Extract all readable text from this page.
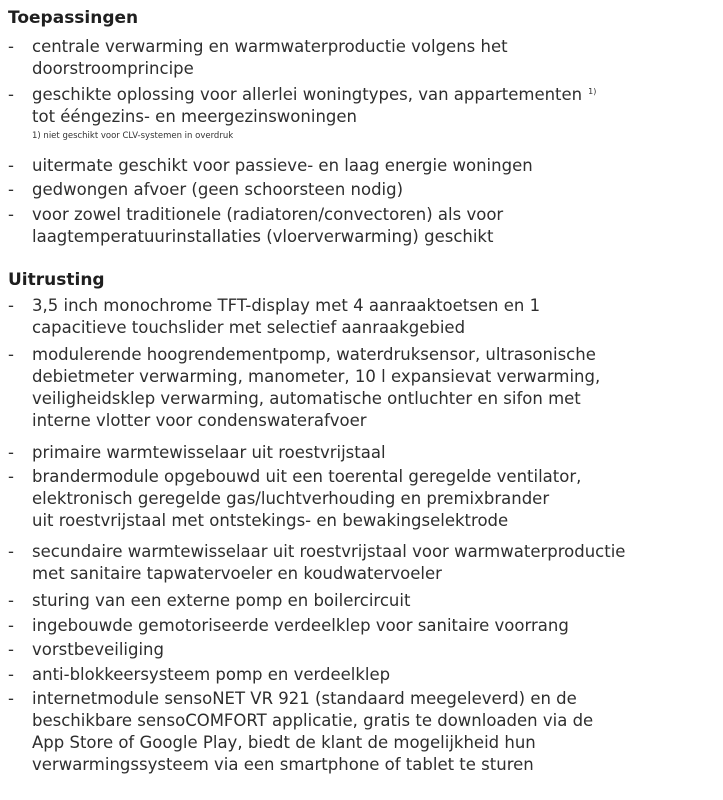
Toepassingen
- centrale verwarming en warmwaterproductie volgens het
doorstroomprincipe
- geschikte oplossing voor allerlei woningtypes, van appartementen $^{1)}$
tot ééngezins- en meergezinswoningen
1) niet geschikt voor CLV-systemen in overdruk
- uitermate geschikt voor passieve- en laag energie woningen
- gedwongen afvoer (geen schoorsteen nodig)
- voor zowel traditionele (radiatoren/convectoren) als voor
laagtemperatuurinstallaties (vloerverwarming) geschikt
Uitrusting
- 3,5 inch monochrome TFT-display met 4 aanraaktoetsen en 1
capacitieve touchslider met selectief aanraakgebied
- modulerende hoogrendementpomp, waterdruksensor, ultrasonische
debietmeter verwarming, manometer, 10 l expansievat verwarming,
veiligheidsklep verwarming, automatische ontluchter en sifon met
interne vlotter voor condenswaterafvoer
- primaire warmtewisselaar uit roestvrijstaal
- brandermodule opgebouwd uit een toerental geregelde ventilator,
elektronisch geregelde gas/luchtverhouding en premixbrander
uit roestvrijstaal met ontstekings- en bewakingselektrode
- secundaire warmtewisselaar uit roestvrijstaal voor warmwaterproductie
met sanitaire tapwatervoeler en koudwatervoeler
- sturing van een externe pomp en boilercircuit
- ingebouwde gemotoriseerde verdeelklep voor sanitaire voorrang
- vorstbeveiliging
- anti-blokkeersysteem pomp en verdeelklep
- internetmodule sensoNET VR 921 (standaard meegeleverd) en de
beschikbare sensoCOMFORT applicatie, gratis te downloaden via de
App Store of Google Play, biedt de klant de mogelijkheid hun
verwarmingssysteem via een smartphone of tablet te sturen
